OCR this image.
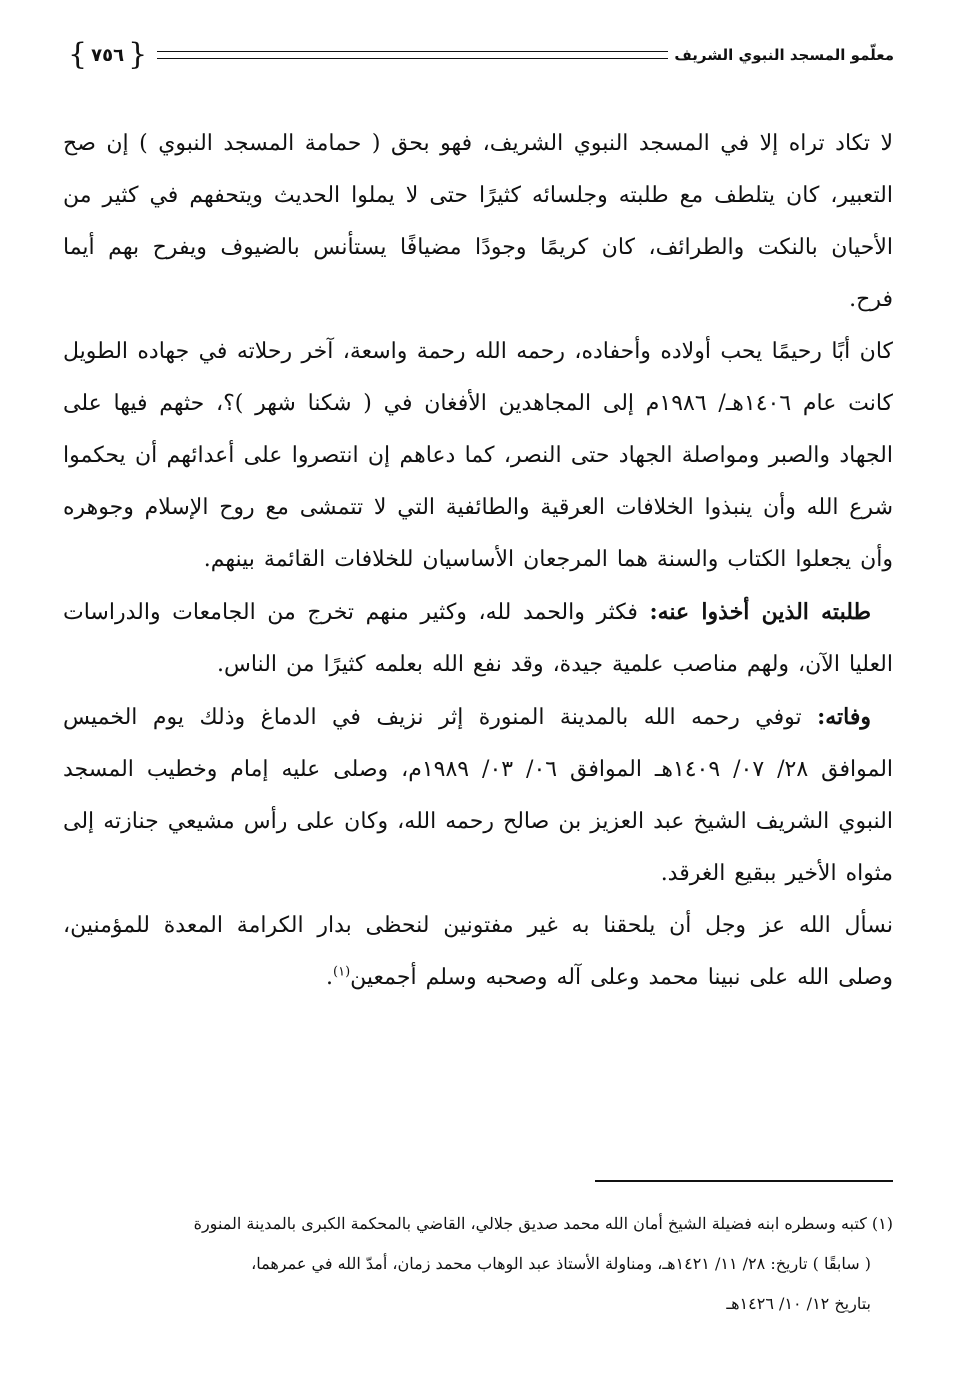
معلّمو المسجد النبوي الشريف
{
٧٥٦
}

لا تكاد تراه إلا في المسجد النبوي الشريف، فهو بحق ( حمامة المسجد النبوي ) إن صح التعبير، كان يتلطف مع طلبته وجلسائه كثيرًا حتى لا يملوا الحديث ويتحفهم في كثير من الأحيان بالنكت والطرائف، كان كريمًا وجودًا مضيافًا يستأنس بالضيوف ويفرح بهم أيما فرح.

كان أبًا رحيمًا يحب أولاده وأحفاده، رحمه الله رحمة واسعة، آخر رحلاته في جهاده الطويل كانت عام ١٤٠٦هـ/ ١٩٨٦م إلى المجاهدين الأفغان في ( شكنا شهر )؟، حثهم فيها على الجهاد والصبر ومواصلة الجهاد حتى النصر، كما دعاهم إن انتصروا على أعدائهم أن يحكموا شرع الله وأن ينبذوا الخلافات العرقية والطائفية التي لا تتمشى مع روح الإسلام وجوهره وأن يجعلوا الكتاب والسنة هما المرجعان الأساسيان للخلافات القائمة بينهم.

طلبته الذين أخذوا عنه: فكثر والحمد لله، وكثير منهم تخرج من الجامعات والدراسات العليا الآن، ولهم مناصب علمية جيدة، وقد نفع الله بعلمه كثيرًا من الناس.

وفاته: توفي رحمه الله بالمدينة المنورة إثر نزيف في الدماغ وذلك يوم الخميس الموافق ٢٨/ ٠٧/ ١٤٠٩هـ الموافق ٠٦/ ٠٣/ ١٩٨٩م، وصلى عليه إمام وخطيب المسجد النبوي الشريف الشيخ عبد العزيز بن صالح رحمه الله، وكان على رأس مشيعي جنازته إلى مثواه الأخير ببقيع الغرقد.

نسأل الله عز وجل أن يلحقنا به غير مفتونين لنحظى بدار الكرامة المعدة للمؤمنين، وصلى الله على نبينا محمد وعلى آله وصحبه وسلم أجمعين$^{(١)}$.

(١) كتبه وسطره ابنه فضيلة الشيخ أمان الله محمد صديق جلالي، القاضي بالمحكمة الكبرى بالمدينة المنورة

( سابقًا ) تاريخ: ٢٨/ ١١/ ١٤٢١هـ، ومناولة الأستاذ عبد الوهاب محمد زمان، أمدّ الله في عمرهما،

بتاريخ ١٢/ ١٠/ ١٤٢٦هـ
